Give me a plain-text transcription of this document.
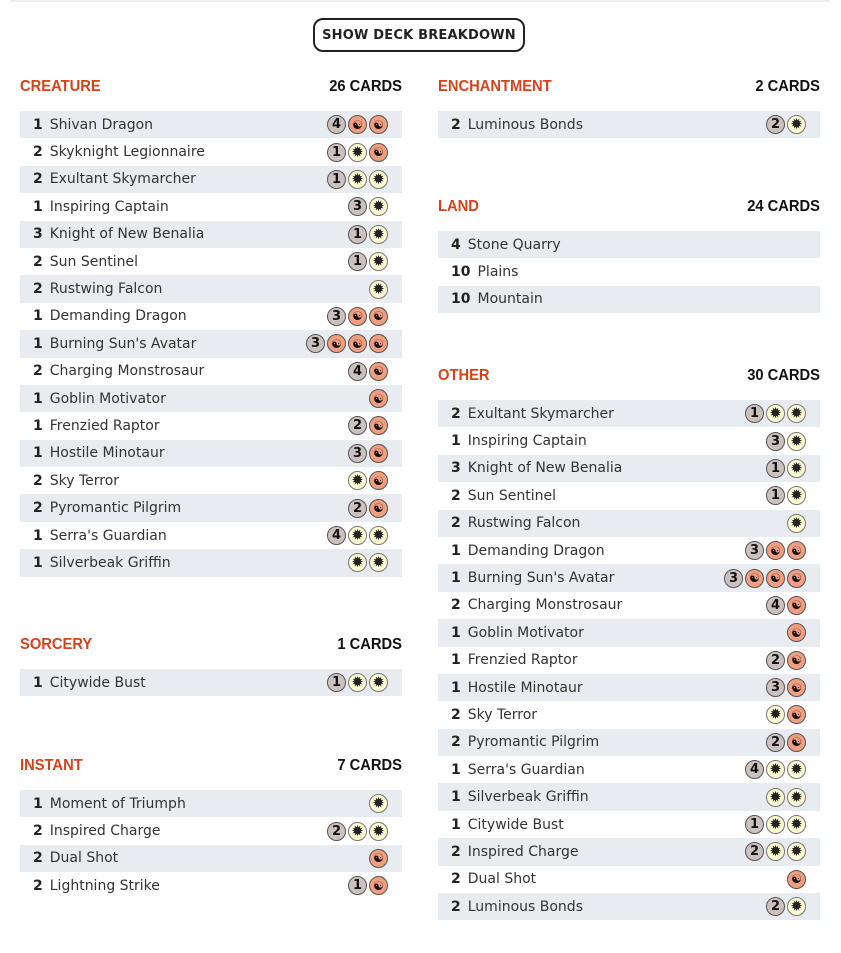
SHOW DECK BREAKDOWN
CREATURE	26 CARDS
1 Shivan Dragon	4 ☯ ☯
2 Skyknight Legionnaire	1 ✹ ☯
2 Exultant Skymarcher	1 ✹ ✹
1 Inspiring Captain	3 ✹
3 Knight of New Benalia	1 ✹
2 Sun Sentinel	1 ✹
2 Rustwing Falcon	✹
1 Demanding Dragon	3 ☯ ☯
1 Burning Sun's Avatar	3 ☯ ☯ ☯
2 Charging Monstrosaur	4 ☯
1 Goblin Motivator	☯
1 Frenzied Raptor	2 ☯
1 Hostile Minotaur	3 ☯
2 Sky Terror	✹ ☯
2 Pyromantic Pilgrim	2 ☯
1 Serra's Guardian	4 ✹ ✹
1 Silverbeak Griffin	✹ ✹
SORCERY	1 CARDS
1 Citywide Bust	1 ✹ ✹
INSTANT	7 CARDS
1 Moment of Triumph	✹
2 Inspired Charge	2 ✹ ✹
2 Dual Shot	☯
2 Lightning Strike	1 ☯
ENCHANTMENT	2 CARDS
2 Luminous Bonds	2 ✹
LAND	24 CARDS
4 Stone Quarry
10 Plains
10 Mountain
OTHER	30 CARDS
2 Exultant Skymarcher	1 ✹ ✹
1 Inspiring Captain	3 ✹
3 Knight of New Benalia	1 ✹
2 Sun Sentinel	1 ✹
2 Rustwing Falcon	✹
1 Demanding Dragon	3 ☯ ☯
1 Burning Sun's Avatar	3 ☯ ☯ ☯
2 Charging Monstrosaur	4 ☯
1 Goblin Motivator	☯
1 Frenzied Raptor	2 ☯
1 Hostile Minotaur	3 ☯
2 Sky Terror	✹ ☯
2 Pyromantic Pilgrim	2 ☯
1 Serra's Guardian	4 ✹ ✹
1 Silverbeak Griffin	✹ ✹
1 Citywide Bust	1 ✹ ✹
2 Inspired Charge	2 ✹ ✹
2 Dual Shot	☯
2 Luminous Bonds	2 ✹
